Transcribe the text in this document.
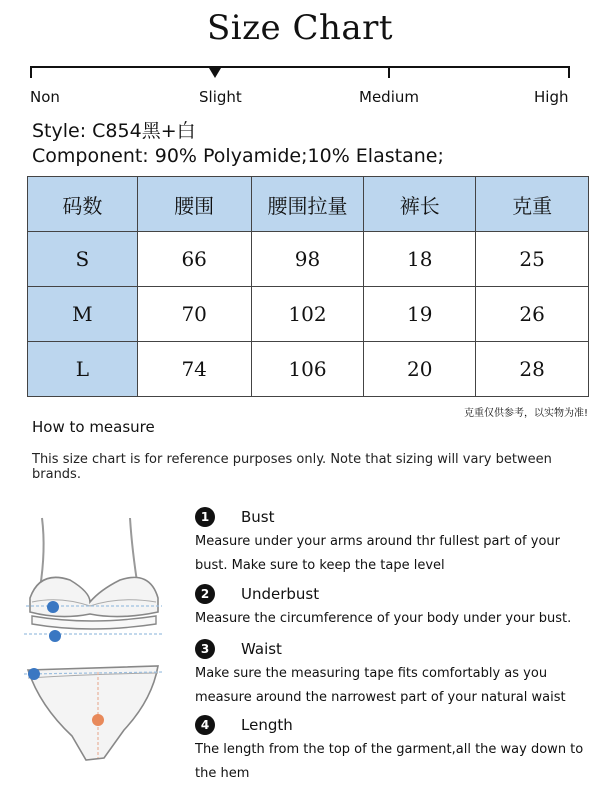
Size Chart
Non	Slight	Medium	High
Style: C854黑+白
Component: 90% Polyamide;10% Elastane;
码数	腰围	腰围拉量	裤长	克重
S	66	98	18	25
M	70	102	19	26
L	74	106	20	28
克重仅供参考，以实物为准!
How to measure
This size chart is for reference purposes only. Note that sizing will vary between brands.
1	Bust
Measure under your arms around thr fullest part of your bust. Make sure to keep the tape level
2	Underbust
Measure the circumference of your body under your bust.
3	Waist
Make sure the measuring tape fits comfortably as you measure around the narrowest part of your natural waist
4	Length
The length from the top of the garment,all the way down to the hem
